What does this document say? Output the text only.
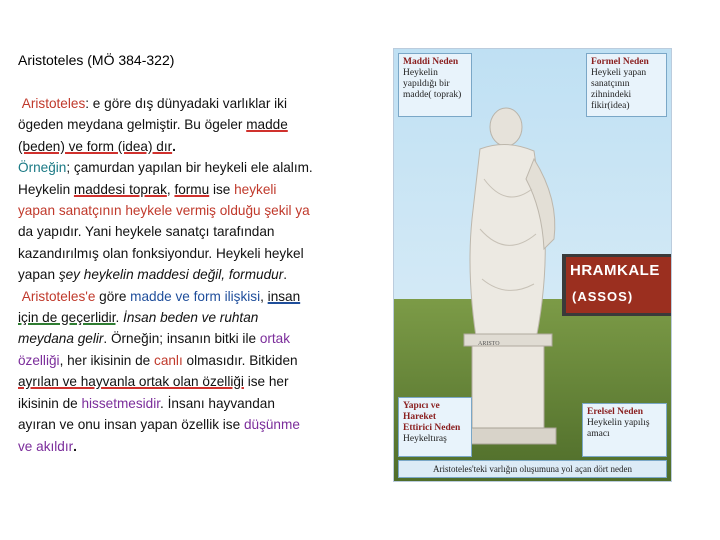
Aristoteles (MÖ 384-322)
Aristoteles: e göre dış dünyadaki varlıklar iki
ögeden meydana gelmiştir. Bu ögeler madde
(beden) ve form (idea) dır.
Örneğin; çamurdan yapılan bir heykeli ele alalım.
Heykelin maddesi toprak, formu ise heykeli
yapan sanatçının heykele vermiş olduğu şekil ya
da yapıdır. Yani heykele sanatçı tarafından
kazandırılmış olan fonksiyondur. Heykeli heykel
yapan şey heykelin maddesi değil, formudur.
Aristoteles'e göre madde ve form ilişkisi, insan
için de geçerlidir. İnsan beden ve ruhtan
meydana gelir. Örneğin; insanın bitki ile ortak
özelliği, her ikisinin de canlı olmasıdır. Bitkiden
ayrılan ve hayvanla ortak olan özelliği ise her
ikisinin de hissetmesidir. İnsanı hayvandan
ayıran ve onu insan yapan özellik ise düşünme
ve akıldır.
HRAMKALE
(ASSOS)
ARISTO
Maddi Neden
Heykelin yapıldığı bir madde( toprak)
Formel Neden
Heykeli yapan sanatçının zihnindeki fikir(idea)
Yapıcı ve Hareket Ettirici Neden
Heykeltıraş
Erelsel Neden
Heykelin yapılış amacı
Aristoteles'teki varlığın oluşumuna yol açan dört neden
